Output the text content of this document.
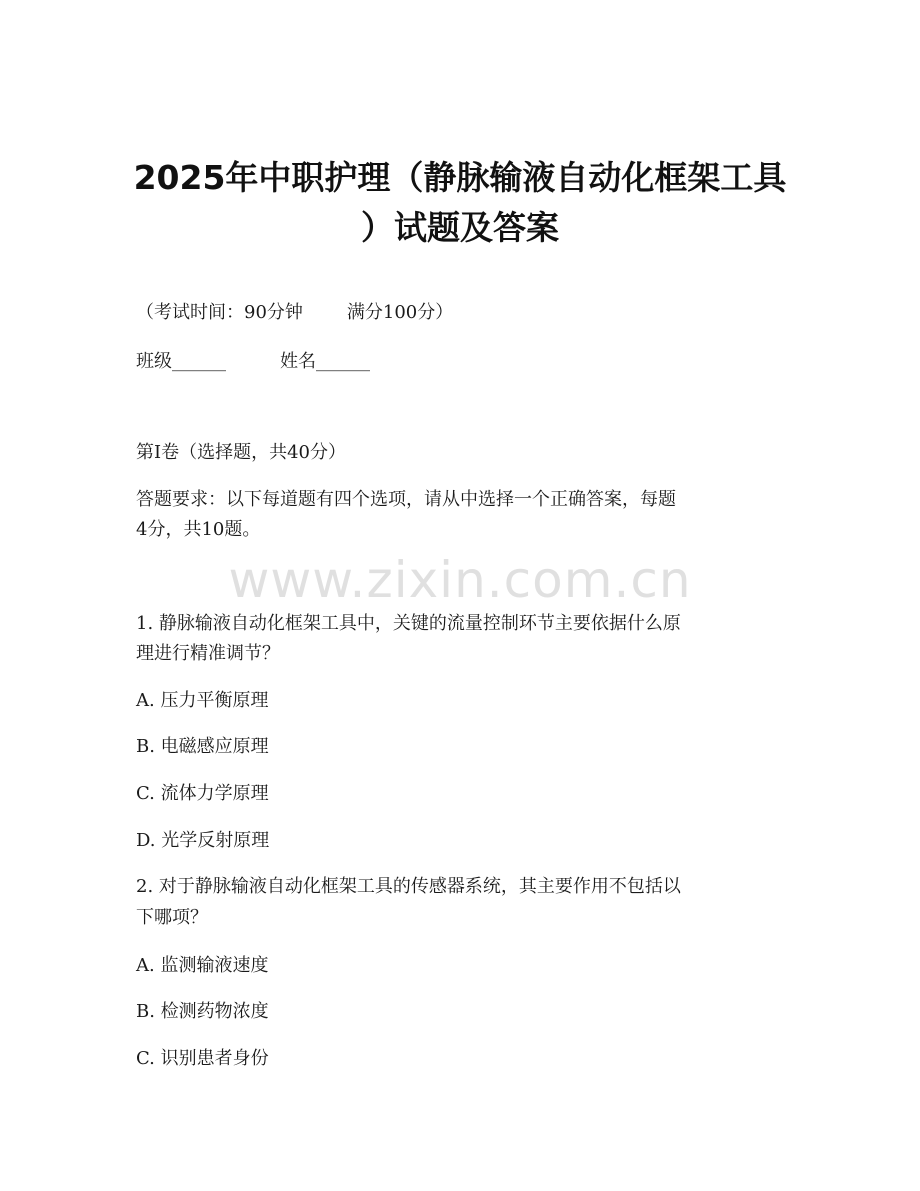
2025年中职护理（静脉输液自动化框架工具
）试题及答案
（考试时间：90分钟 满分100分）
班级______	姓名______
第I卷（选择题，共40分）
答题要求：以下每道题有四个选项，请从中选择一个正确答案，每题
4分，共10题。
www.zixin.com.cn
1. 静脉输液自动化框架工具中，关键的流量控制环节主要依据什么原
理进行精准调节？
A. 压力平衡原理
B. 电磁感应原理
C. 流体力学原理
D. 光学反射原理
2. 对于静脉输液自动化框架工具的传感器系统，其主要作用不包括以
下哪项？
A. 监测输液速度
B. 检测药物浓度
C. 识别患者身份
